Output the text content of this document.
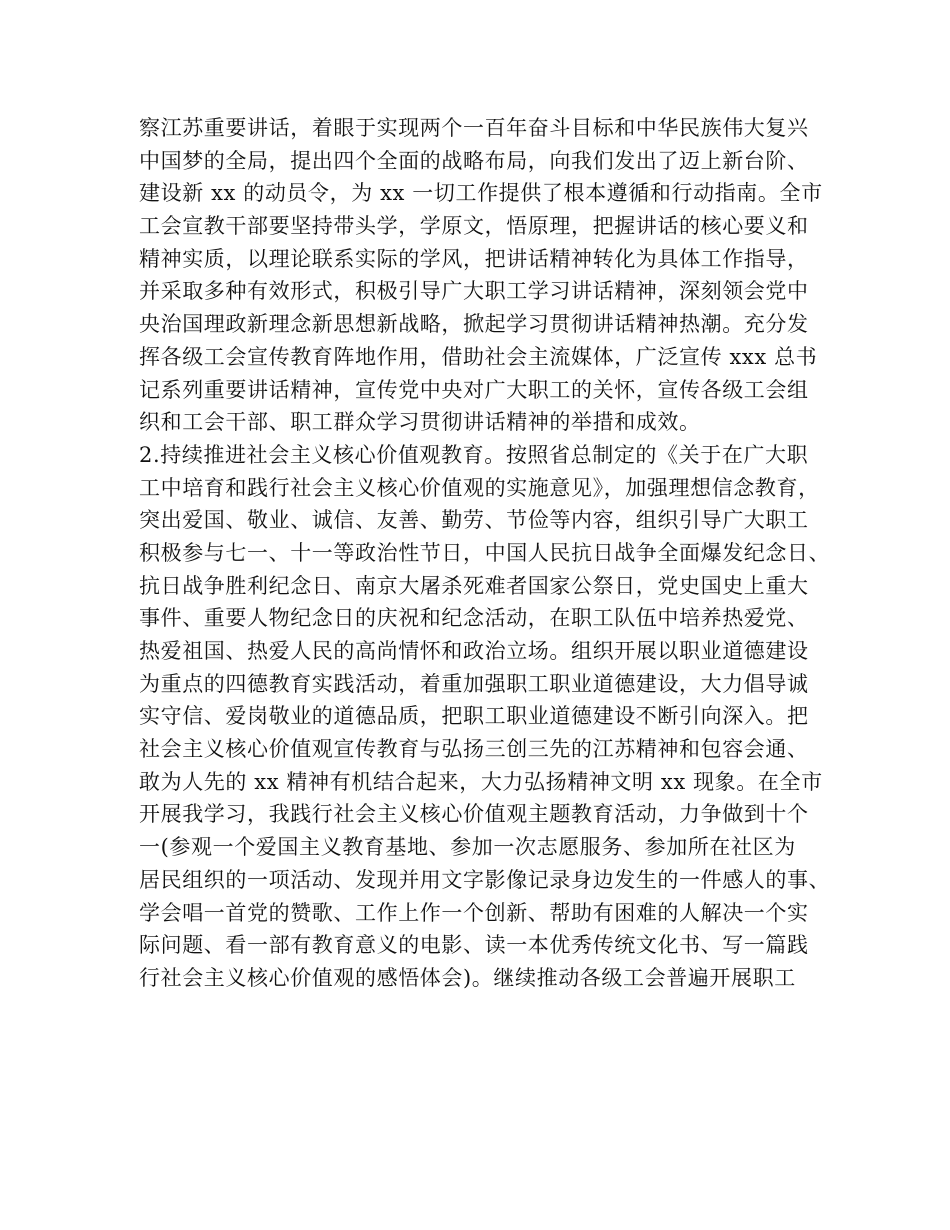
察江苏重要讲话，着眼于实现两个一百年奋斗目标和中华民族伟大复兴
中国梦的全局，提出四个全面的战略布局，向我们发出了迈上新台阶、
建设新 xx 的动员令，为 xx 一切工作提供了根本遵循和行动指南。全市
工会宣教干部要坚持带头学，学原文，悟原理，把握讲话的核心要义和
精神实质，以理论联系实际的学风，把讲话精神转化为具体工作指导，
并采取多种有效形式，积极引导广大职工学习讲话精神，深刻领会党中
央治国理政新理念新思想新战略，掀起学习贯彻讲话精神热潮。充分发
挥各级工会宣传教育阵地作用，借助社会主流媒体，广泛宣传 xxx 总书
记系列重要讲话精神，宣传党中央对广大职工的关怀，宣传各级工会组
织和工会干部、职工群众学习贯彻讲话精神的举措和成效。
2.持续推进社会主义核心价值观教育。按照省总制定的《关于在广大职
工中培育和践行社会主义核心价值观的实施意见》，加强理想信念教育，
突出爱国、敬业、诚信、友善、勤劳、节俭等内容，组织引导广大职工
积极参与七一、十一等政治性节日，中国人民抗日战争全面爆发纪念日、
抗日战争胜利纪念日、南京大屠杀死难者国家公祭日，党史国史上重大
事件、重要人物纪念日的庆祝和纪念活动，在职工队伍中培养热爱党、
热爱祖国、热爱人民的高尚情怀和政治立场。组织开展以职业道德建设
为重点的四德教育实践活动，着重加强职工职业道德建设，大力倡导诚
实守信、爱岗敬业的道德品质，把职工职业道德建设不断引向深入。把
社会主义核心价值观宣传教育与弘扬三创三先的江苏精神和包容会通、
敢为人先的 xx 精神有机结合起来，大力弘扬精神文明 xx 现象。在全市
开展我学习，我践行社会主义核心价值观主题教育活动，力争做到十个
一(参观一个爱国主义教育基地、参加一次志愿服务、参加所在社区为
居民组织的一项活动、发现并用文字影像记录身边发生的一件感人的事、
学会唱一首党的赞歌、工作上作一个创新、帮助有困难的人解决一个实
际问题、看一部有教育意义的电影、读一本优秀传统文化书、写一篇践
行社会主义核心价值观的感悟体会)。继续推动各级工会普遍开展职工
